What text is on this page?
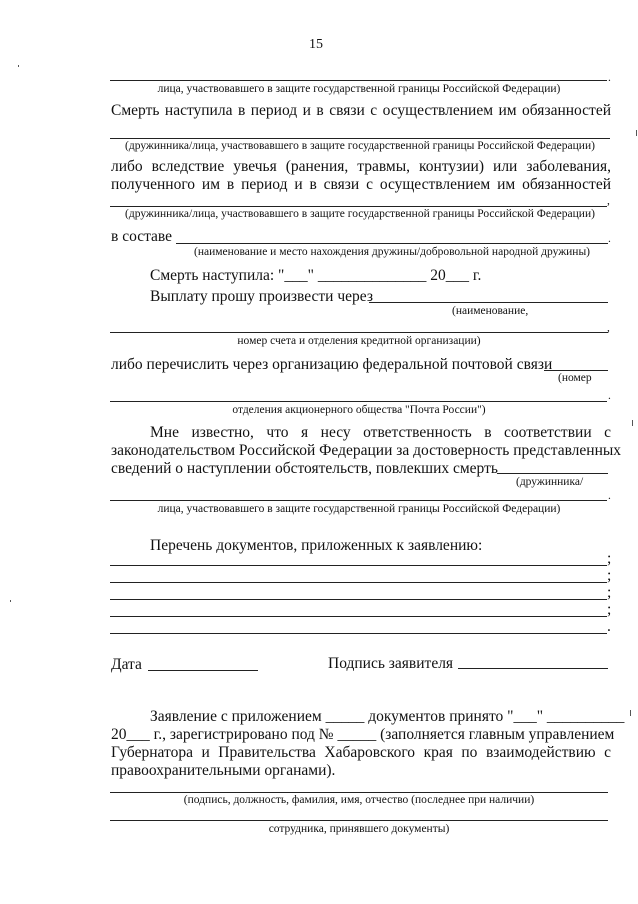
15
.
лица, участвовавшего в защите государственной границы Российской Федерации)
Смерть наступила в период и в связи с осуществлением им обязанностей
(дружинника/лица, участвовавшего в защите государственной границы Российской Федерации)
либо вследствие увечья (ранения, травмы, контузии) или заболевания,
полученного им в период и в связи с осуществлением им обязанностей
,
(дружинника/лица, участвовавшего в защите государственной границы Российской Федерации)
в составе	.
(наименование и место нахождения дружины/добровольной народной дружины)
Смерть наступила: "___" ______________ 20___ г.
Выплату прошу произвести через
(наименование,
,
номер счета и отделения кредитной организации)
либо перечислить через организацию федеральной почтовой связи
(номер
.
отделения акционерного общества "Почта России")
Мне известно, что я несу ответственность в соответствии с
законодательством Российской Федерации за достоверность представленных
сведений о наступлении обстоятельств, повлекших смерть
(дружинника/
.
лица, участвовавшего в защите государственной границы Российской Федерации)
Перечень документов, приложенных к заявлению:
;
;
;
;
.
Дата	Подпись заявителя
Заявление с приложением _____ документов принято "___" __________
20___ г., зарегистрировано под № _____ (заполняется главным управлением
Губернатора и Правительства Хабаровского края по взаимодействию с
правоохранительными органами).
(подпись, должность, фамилия, имя, отчество (последнее при наличии)
сотрудника, принявшего документы)
